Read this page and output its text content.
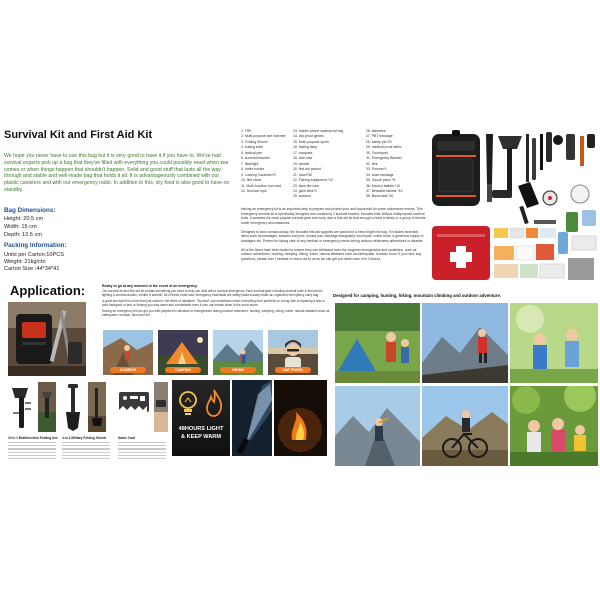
Survival Kit and First Aid Kit

We hope you never have to use this bag but it is very good to have it if you have to. We've had survival experts pick up a bag that they've filled with everything you could possibly need when war comes or when things happen that shouldn't happen. Solid and good stuff that lasts all the way through and stable and well-made bag that holds it all. It is advantageously combined with our plastic canisters and with our emergency radio. In addition to this, dry food is also good to have on standby.

Bag Dimensions:
Height: 20.5 cm
Width: 15 cm
Depth: 12.5 cm
Packing Information:
Units per Carton:10PCS
Weight: 21kg/ctn
Carton Size :44*34*41
1. TRK
2. Multi-purpose axe hammer
3. Folding Shovel
4. folding knife
5. tactical pen
6. survival bracelet
7. flashlight
8. bottle buckle
9. Locking Carabiner*2
10. flint stone
11. Multi-function tool card
12. Survival rope
13. mobile phone waterproof bag
14. clip-proof gloves
15. Multi-purpose spork
16. folding lamp
17. compass
18. wire saw
19. whistle
20. first aid packet
21. towel*30
22. Fishing equipment *12
23. blow fire tube
24. glow stick*1
25. scissors
26. tweezers
27. PBT bandage
28. safety pin*20
29. medical proof fabric
30. Tourniquet
31. Emergency Blanket
32. tent
33. Poncho*1
34. scarf bandage
35. Gauze piece *5
36. Alcohol tablets *10
37. Betadine tablets *10
38. Band-aids *20

Having an emergency kit is an important step to prepare and protect your and household for some unforeseen events. This emergency survival kit is specifically designed and curated by 2 survival experts, includes total 168pcs multipurpose survival tools. It contains the most popular survival gear and tools, also a first aid kit that enough to treat a family or a group of friends under emergency circumstances.

Designed to stow conspicuously, the included first aid supplies are packed in a extra bright red bag. It includes essential items such as bandages, scissors and pins, wound pad, bandage triangularly, tourniquet, cotton buds, a generous supply of bandages etc. Perfect for taking care of any medical or emergency needs during outdoor wilderness adventures or disaster.

All of the items have been tested to ensure they can withstand even the toughest emergencies and conditions, such as outdoor adventures, hunting, camping, hiking, travel, natural disasters such as earthquake, tornado, flood. If you have any questions, please don' t hesitate to reach out to us as we can get you taken care of in 24hours.

Application:	Ready to go at any moment in the event of an emergency.

Our survival kit and first aid kit contain everything you need to help you deal with a survival emergency. Each survival gear including survival tools & first aid kit, lighting & communication, shelter & warmth. All of these must-have emergency essentials are safely packed away inside an organized emergency carry bag.

A great survival kit is more than just useful in the times of disasters. "Survival" can sometimes mean everything from splinters on a long hike to repairing a tear in your backpack or tent or helping you stay warm and comfortable even if your car breaks down in the snow storm.

Having an emergency kit can get you well-prepared in advance to emergencies during outdoor adventure, hunting, camping, hiking, travel, natural disasters such as earthquake, tornado, flood and fire.

CLIMBING	CAMPING	HIKING	CAR TRAVEL
10 in 1 Multifunction Folding Axe	4-in-1 Military Folding Shovel	Saber Card
48HOURS LIGHT
& KEEP WARM
Designed for camping, hunting, hiking, mountain climbing and outdoor adventure.
